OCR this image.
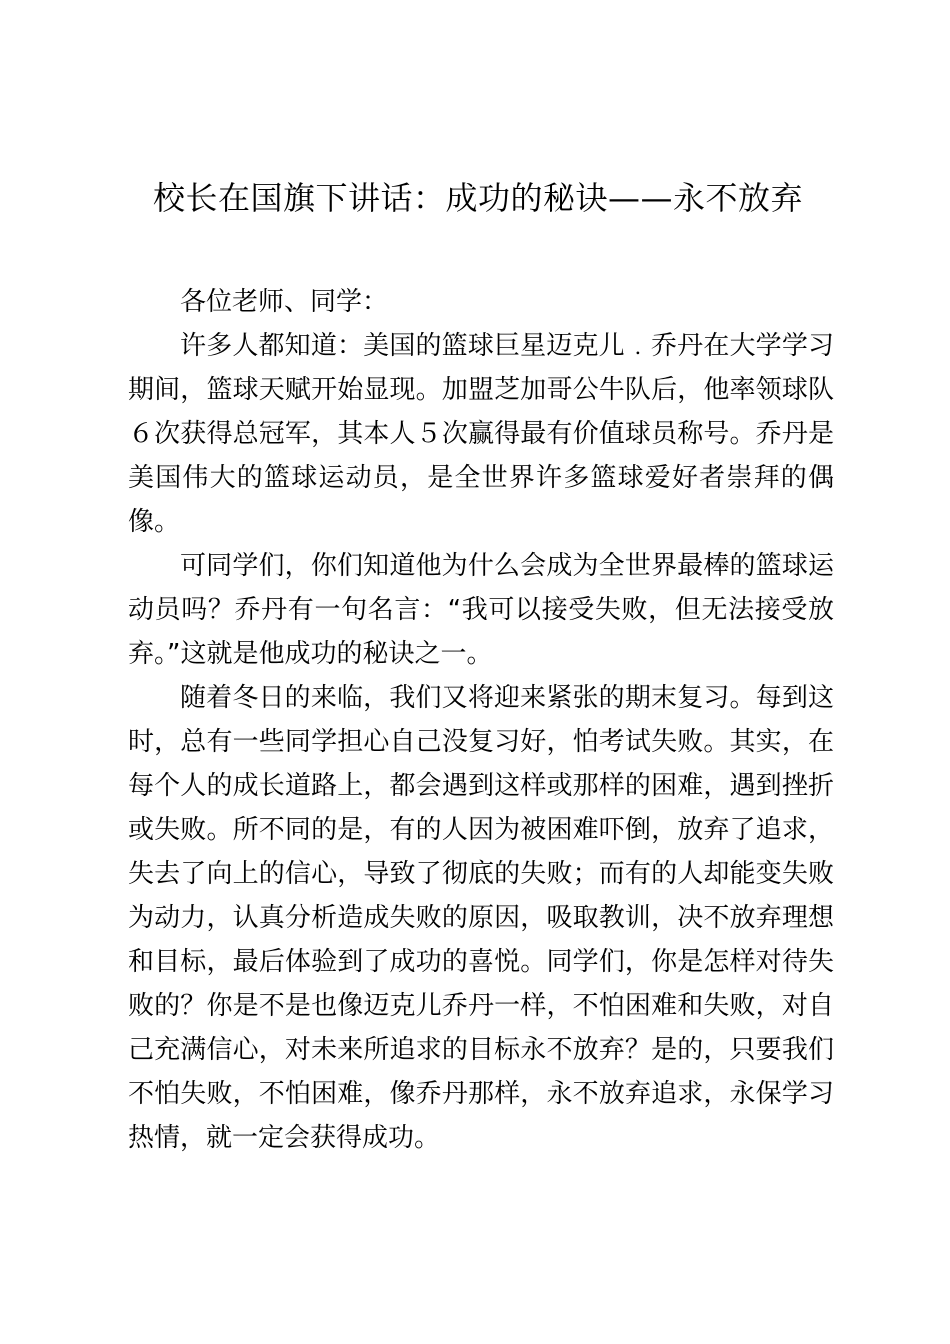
校长在国旗下讲话：成功的秘诀——永不放弃

各位老师、同学：

许多人都知道：美国的篮球巨星迈克儿﹒乔丹在大学学习期间，篮球天赋开始显现。加盟芝加哥公牛队后，他率领球队６次获得总冠军，其本人５次赢得最有价值球员称号。乔丹是美国伟大的篮球运动员，是全世界许多篮球爱好者崇拜的偶像。

可同学们，你们知道他为什么会成为全世界最棒的篮球运动员吗？乔丹有一句名言：“我可以接受失败，但无法接受放弃。”这就是他成功的秘诀之一。

随着冬日的来临，我们又将迎来紧张的期末复习。每到这时，总有一些同学担心自己没复习好，怕考试失败。其实，在每个人的成长道路上，都会遇到这样或那样的困难，遇到挫折或失败。所不同的是，有的人因为被困难吓倒，放弃了追求，失去了向上的信心，导致了彻底的失败；而有的人却能变失败为动力，认真分析造成失败的原因，吸取教训，决不放弃理想和目标，最后体验到了成功的喜悦。同学们，你是怎样对待失败的？你是不是也像迈克儿乔丹一样，不怕困难和失败，对自己充满信心，对未来所追求的目标永不放弃？是的，只要我们不怕失败，不怕困难，像乔丹那样，永不放弃追求，永保学习热情，就一定会获得成功。
